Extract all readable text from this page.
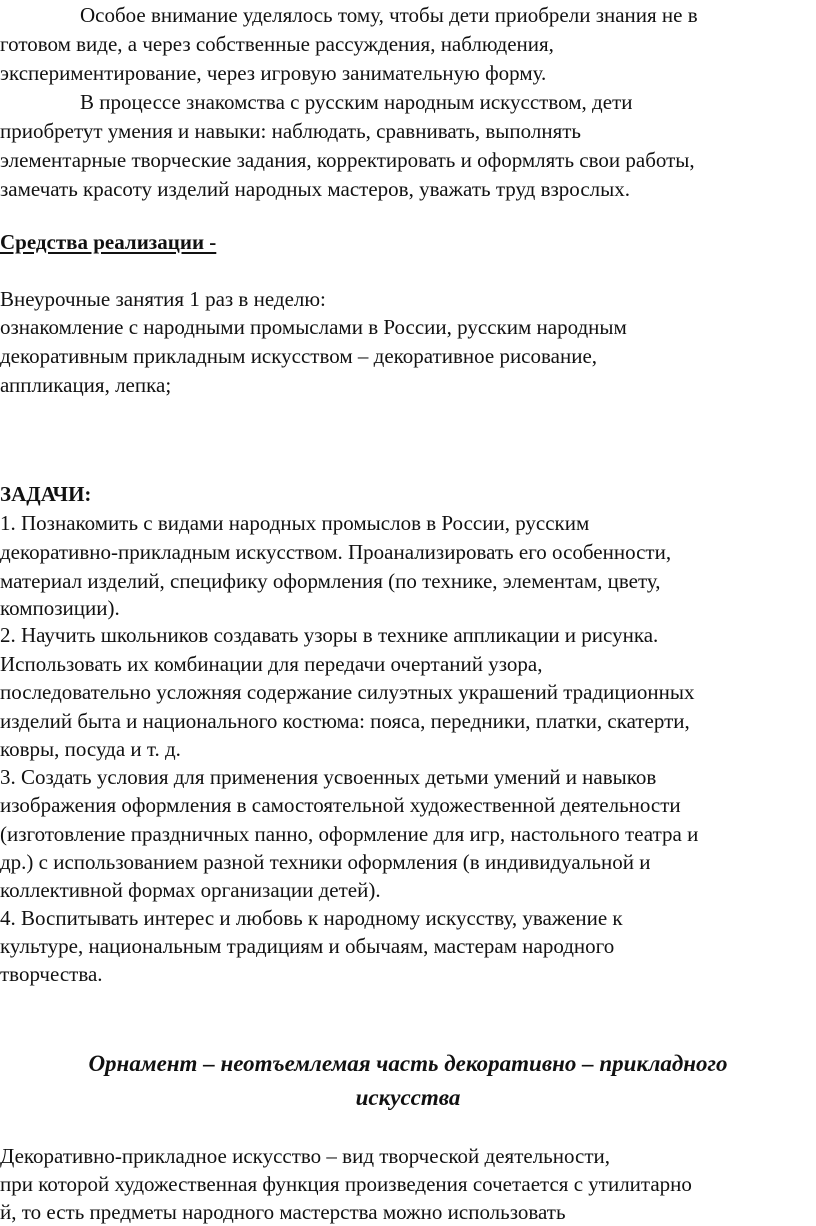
Особое внимание уделялось тому, чтобы дети приобрели знания не в
готовом виде, а через собственные рассуждения, наблюдения,
экспериментирование, через игровую занимательную форму.
В процессе знакомства с русским народным искусством, дети
приобретут умения и навыки: наблюдать, сравнивать, выполнять
элементарные творческие задания, корректировать и оформлять свои работы,
замечать красоту изделий народных мастеров, уважать труд взрослых.
Средства реализации -
Внеурочные занятия 1 раз в неделю:
ознакомление с народными промыслами в России, русским народным
декоративным прикладным искусством – декоративное рисование,
аппликация, лепка;
ЗАДАЧИ:
1. Познакомить с видами народных промыслов в России, русским
декоративно-прикладным искусством. Проанализировать его особенности,
материал изделий, специфику оформления (по технике, элементам, цвету,
композиции).
2. Научить школьников создавать узоры в технике аппликации и рисунка.
Использовать их комбинации для передачи очертаний узора,
последовательно усложняя содержание силуэтных украшений традиционных
изделий быта и национального костюма: пояса, передники, платки, скатерти,
ковры, посуда и т. д.
3. Создать условия для применения усвоенных детьми умений и навыков
изображения оформления в самостоятельной художественной деятельности
(изготовление праздничных панно, оформление для игр, настольного театра и
др.) с использованием разной техники оформления (в индивидуальной и
коллективной формах организации детей).
4. Воспитывать интерес и любовь к народному искусству, уважение к
культуре, национальным традициям и обычаям, мастерам народного
творчества.
Орнамент – неотъемлемая часть декоративно – прикладного
искусства
Декоративно-прикладное искусство – вид творческой деятельности,
при которой художественная функция произведения сочетается с утилитарно
й, то есть предметы народного мастерства можно использовать
